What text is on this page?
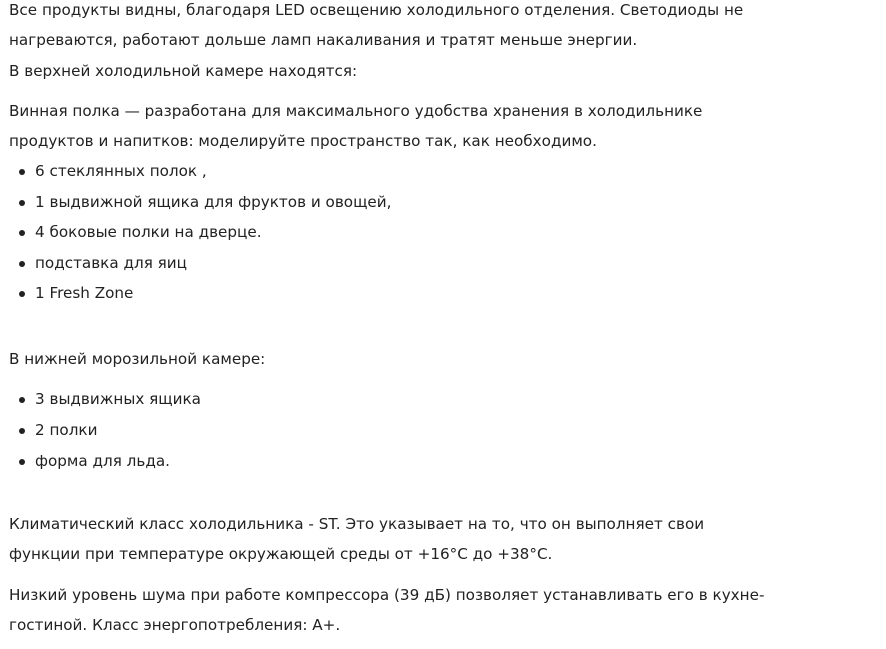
Все продукты видны, благодаря LED освещению холодильного отделения. Светодиоды не
нагреваются, работают дольше ламп накаливания и тратят меньше энергии.
В верхней холодильной камере находятся:
Винная полка — разработана для максимального удобства хранения в холодильнике
продуктов и напитков: моделируйте пространство так, как необходимо.
6 стеклянных полок ,
1 выдвижной ящика для фруктов и овощей,
4 боковые полки на дверце.
подставка для яиц
1 Fresh Zone
В нижней морозильной камере:
3 выдвижных ящика
2 полки
форма для льда.
Климатический класс холодильника - ST. Это указывает на то, что он выполняет свои
функции при температуре окружающей среды от +16°C до +38°C.
Низкий уровень шума при работе компрессора (39 дБ) позволяет устанавливать его в кухне-
гостиной. Класс энергопотребления: A+.
